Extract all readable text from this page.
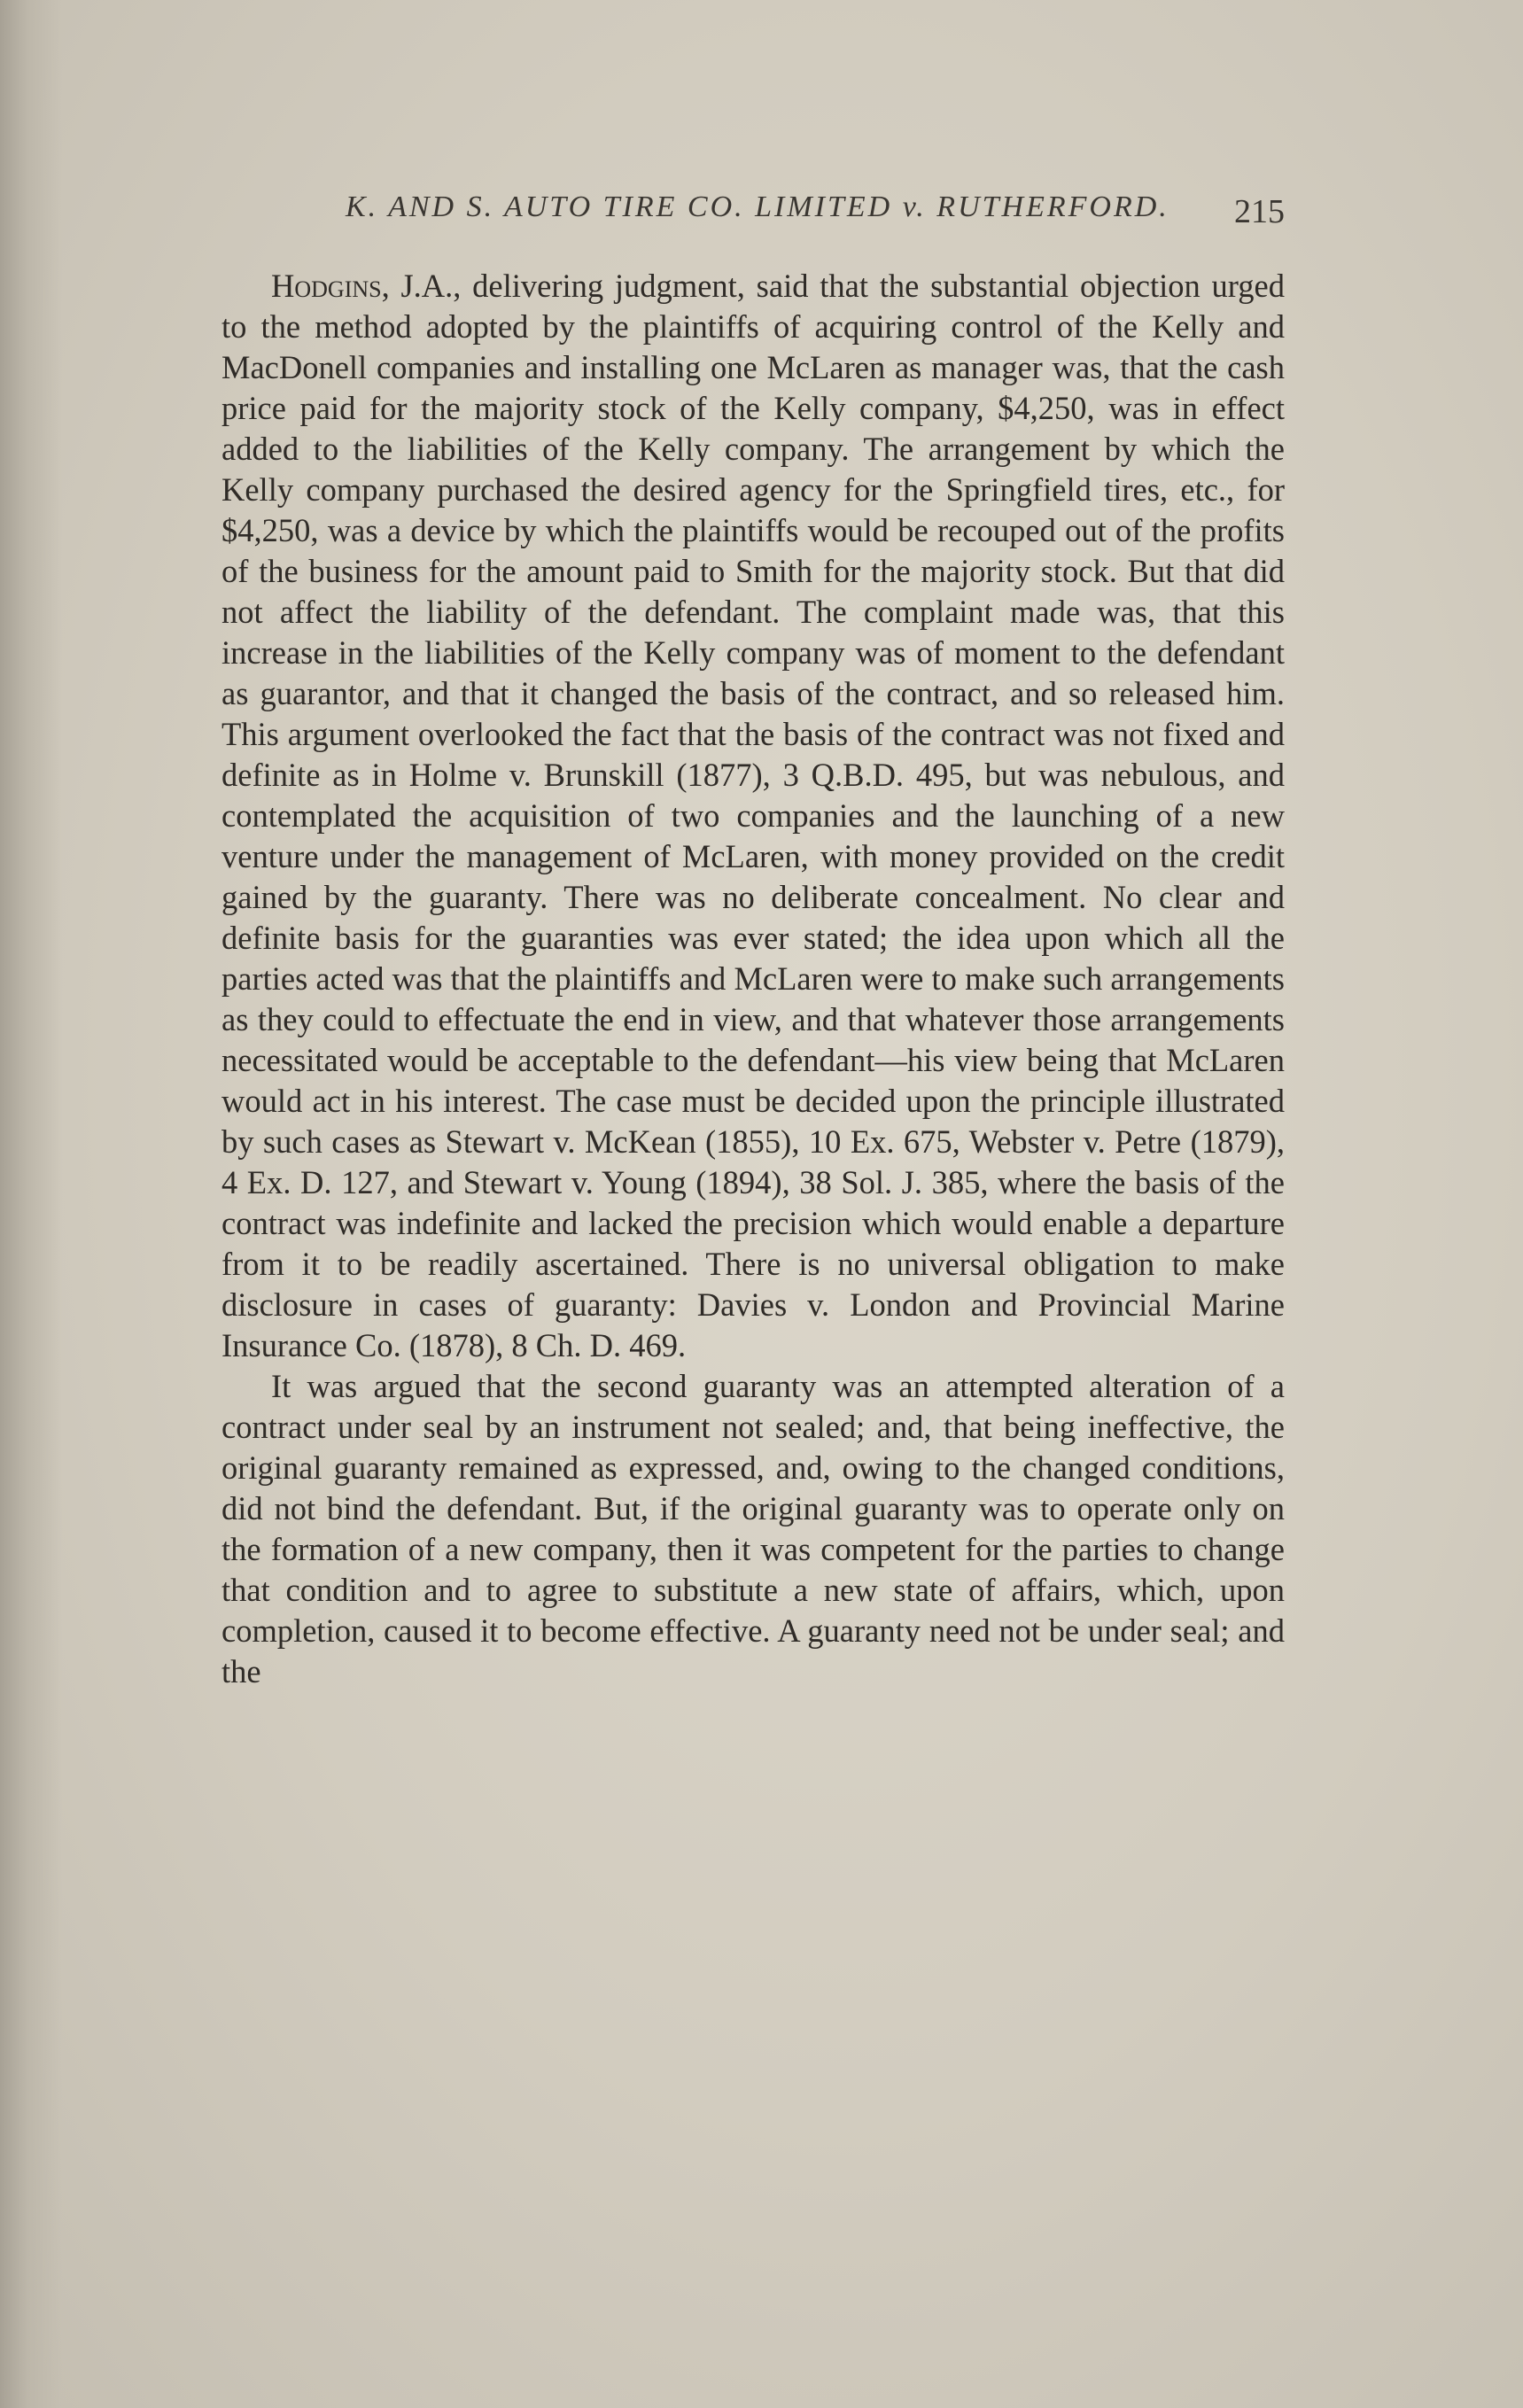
K. AND S. AUTO TIRE CO. LIMITED v. RUTHERFORD. 215

Hodgins, J.A., delivering judgment, said that the substantial objection urged to the method adopted by the plaintiffs of acquiring control of the Kelly and MacDonell companies and installing one McLaren as manager was, that the cash price paid for the majority stock of the Kelly company, $4,250, was in effect added to the liabilities of the Kelly company. The arrangement by which the Kelly company purchased the desired agency for the Springfield tires, etc., for $4,250, was a device by which the plaintiffs would be recouped out of the profits of the business for the amount paid to Smith for the majority stock. But that did not affect the liability of the defendant. The complaint made was, that this increase in the liabilities of the Kelly company was of moment to the defendant as guarantor, and that it changed the basis of the contract, and so released him. This argument overlooked the fact that the basis of the contract was not fixed and definite as in Holme v. Brunskill (1877), 3 Q.B.D. 495, but was nebulous, and contemplated the acquisition of two companies and the launching of a new venture under the management of McLaren, with money provided on the credit gained by the guaranty. There was no deliberate concealment. No clear and definite basis for the guaranties was ever stated; the idea upon which all the parties acted was that the plaintiffs and McLaren were to make such arrangements as they could to effectuate the end in view, and that whatever those arrangements necessitated would be acceptable to the defendant—his view being that McLaren would act in his interest. The case must be decided upon the principle illustrated by such cases as Stewart v. McKean (1855), 10 Ex. 675, Webster v. Petre (1879), 4 Ex. D. 127, and Stewart v. Young (1894), 38 Sol. J. 385, where the basis of the contract was indefinite and lacked the precision which would enable a departure from it to be readily ascertained. There is no universal obligation to make disclosure in cases of guaranty: Davies v. London and Provincial Marine Insurance Co. (1878), 8 Ch. D. 469.

It was argued that the second guaranty was an attempted alteration of a contract under seal by an instrument not sealed; and, that being ineffective, the original guaranty remained as expressed, and, owing to the changed conditions, did not bind the defendant. But, if the original guaranty was to operate only on the formation of a new company, then it was competent for the parties to change that condition and to agree to substitute a new state of affairs, which, upon completion, caused it to become effective. A guaranty need not be under seal; and the
